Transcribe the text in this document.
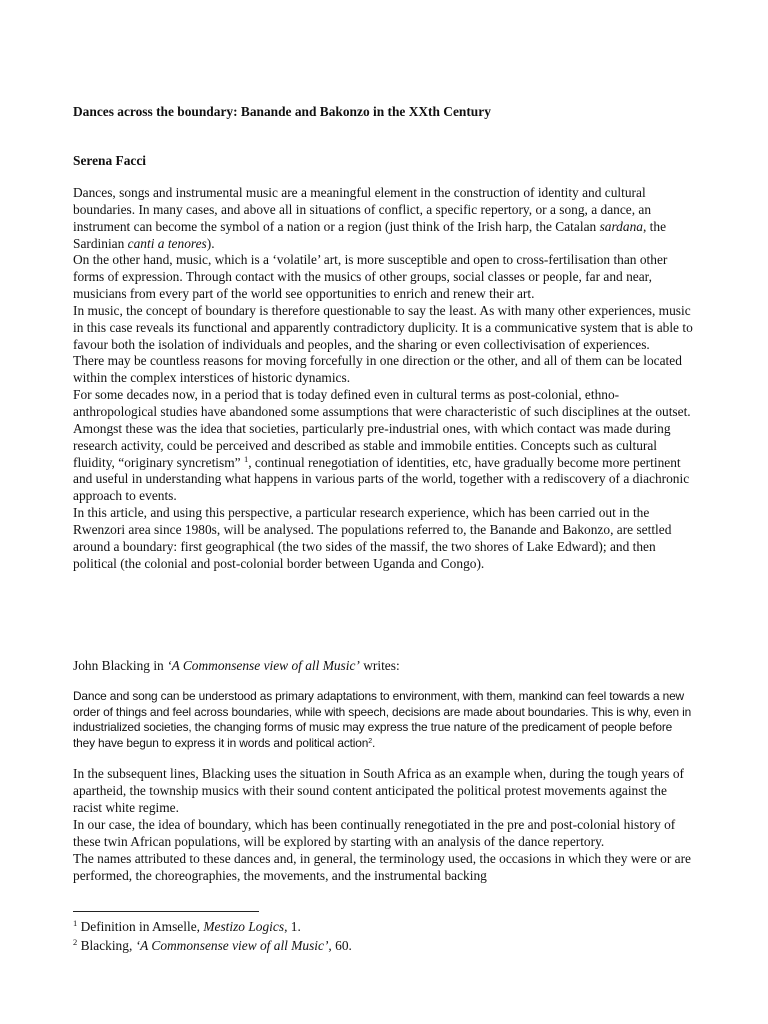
Dances across the boundary: Banande and Bakonzo in the XXth Century
Serena Facci

Dances, songs and instrumental music are a meaningful element in the construction of identity and cultural boundaries. In many cases, and above all in situations of conflict, a specific repertory, or a song, a dance, an instrument can become the symbol of a nation or a region (just think of the Irish harp, the Catalan sardana, the Sardinian canti a tenores).

On the other hand, music, which is a ‘volatile’ art, is more susceptible and open to cross-fertilisation than other forms of expression. Through contact with the musics of other groups, social classes or people, far and near, musicians from every part of the world see opportunities to enrich and renew their art.

In music, the concept of boundary is therefore questionable to say the least. As with many other experiences, music in this case reveals its functional and apparently contradictory duplicity. It is a communicative system that is able to favour both the isolation of individuals and peoples, and the sharing or even collectivisation of experiences.

There may be countless reasons for moving forcefully in one direction or the other, and all of them can be located within the complex interstices of historic dynamics.

For some decades now, in a period that is today defined even in cultural terms as post-colonial, ethno-anthropological studies have abandoned some assumptions that were characteristic of such disciplines at the outset. Amongst these was the idea that societies, particularly pre-industrial ones, with which contact was made during research activity, could be perceived and described as stable and immobile entities. Concepts such as cultural fluidity, “originary syncretism” $^1$, continual renegotiation of identities, etc, have gradually become more pertinent and useful in understanding what happens in various parts of the world, together with a rediscovery of a diachronic approach to events.

In this article, and using this perspective, a particular research experience, which has been carried out in the Rwenzori area since 1980s, will be analysed. The populations referred to, the Banande and Bakonzo, are settled around a boundary: first geographical (the two sides of the massif, the two shores of Lake Edward); and then political (the colonial and post-colonial border between Uganda and Congo).

John Blacking in ‘A Commonsense view of all Music’ writes:
Dance and song can be understood as primary adaptations to environment, with them, mankind can feel towards a new order of things and feel across boundaries, while with speech, decisions are made about boundaries. This is why, even in industrialized societies, the changing forms of music may express the true nature of the predicament of people before they have begun to express it in words and political action$^2$.

In the subsequent lines, Blacking uses the situation in South Africa as an example when, during the tough years of apartheid, the township musics with their sound content anticipated the political protest movements against the racist white regime.

In our case, the idea of boundary, which has been continually renegotiated in the pre and post-colonial history of these twin African populations, will be explored by starting with an analysis of the dance repertory.

The names attributed to these dances and, in general, the terminology used, the occasions in which they were or are performed, the choreographies, the movements, and the instrumental backing

$^1$ Definition in Amselle, Mestizo Logics, 1.
$^2$ Blacking, ‘A Commonsense view of all Music’, 60.
